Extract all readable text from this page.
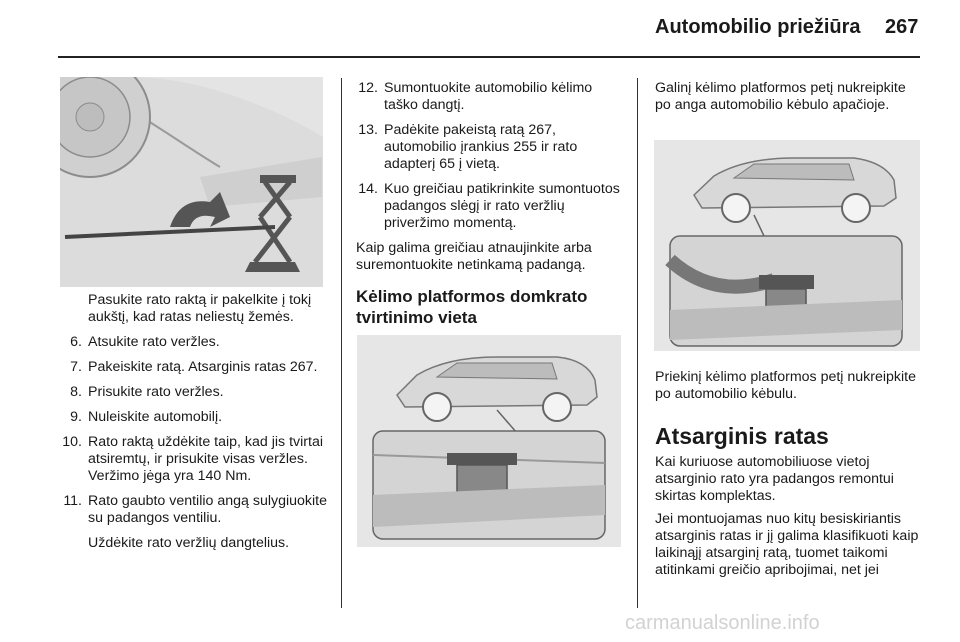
Automobilio priežiūra 267

Pasukite rato raktą ir pakelkite į tokį aukštį, kad ratas neliestų žemės.

6. Atsukite rato veržles.
7. Pakeiskite ratą. Atsarginis ratas 267.
8. Prisukite rato veržles.
9. Nuleiskite automobilį.
10. Rato raktą uždėkite taip, kad jis tvirtai atsiremtų, ir prisukite visas veržles. Veržimo jėga yra 140 Nm.
11. Rato gaubto ventilio angą sulygiuokite su padangos ventiliu.

Uždėkite rato veržlių dangtelius.

12. Sumontuokite automobilio kėlimo taško dangtį.
13. Padėkite pakeistą ratą 267, automobilio įrankius 255 ir rato adapterį 65 į vietą.
14. Kuo greičiau patikrinkite sumontuotos padangos slėgį ir rato veržlių priveržimo momentą.

Kaip galima greičiau atnaujinkite arba suremontuokite netinkamą padangą.

Kėlimo platformos domkrato tvirtinimo vieta

Galinį kėlimo platformos petį nukreipkite po anga automobilio kėbulo apačioje.

Priekinį kėlimo platformos petį nukreipkite po automobilio kėbulu.

Atsarginis ratas

Kai kuriuose automobiliuose vietoj atsarginio rato yra padangos remontui skirtas komplektas.

Jei montuojamas nuo kitų besiskiriantis atsarginis ratas ir jį galima klasifikuoti kaip laikinąjį atsarginį ratą, tuomet taikomi atitinkami greičio apribojimai, net jei

carmanualsonline.info
